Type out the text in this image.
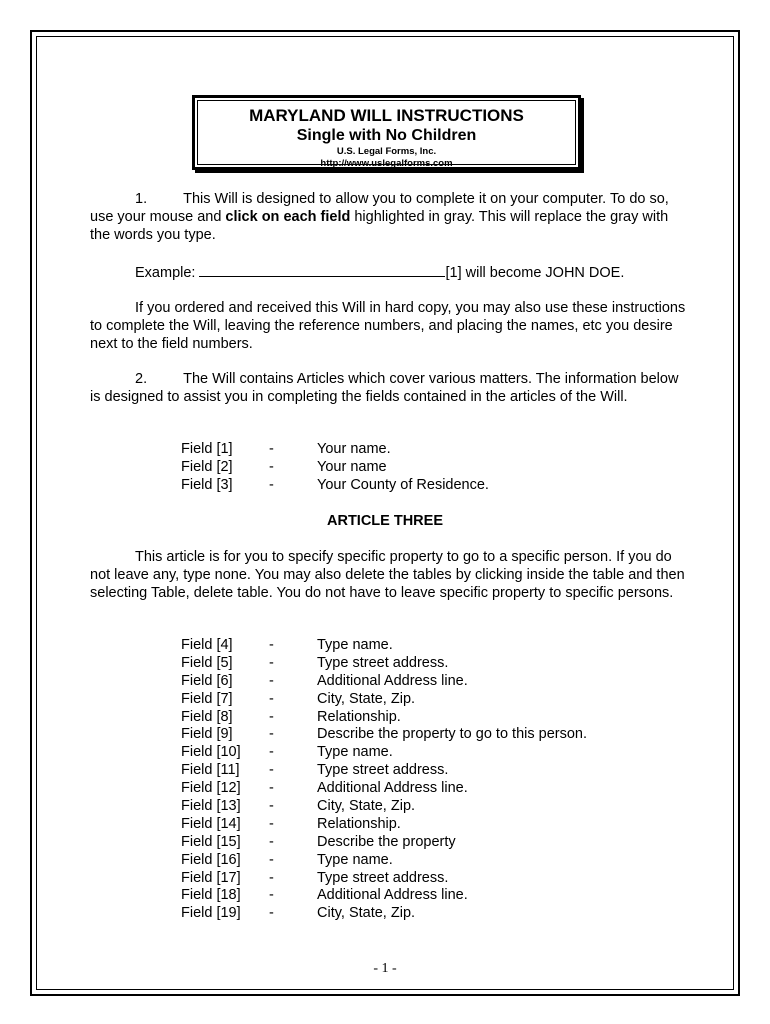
MARYLAND WILL INSTRUCTIONS
Single with No Children
U.S. Legal Forms, Inc.
http://www.uslegalforms.com
1. This Will is designed to allow you to complete it on your computer. To do so, use your mouse and click on each field highlighted in gray. This will replace the gray with the words you type.
Example:	[1] will become JOHN DOE.
If you ordered and received this Will in hard copy, you may also use these instructions to complete the Will, leaving the reference numbers, and placing the names, etc you desire next to the field numbers.
2. The Will contains Articles which cover various matters. The information below is designed to assist you in completing the fields contained in the articles of the Will.
Field [1]	-	Your name.
Field [2]	-	Your name
Field [3]	-	Your County of Residence.
ARTICLE THREE
This article is for you to specify specific property to go to a specific person. If you do not leave any, type none. You may also delete the tables by clicking inside the table and then selecting Table, delete table. You do not have to leave specific property to specific persons.
Field [4]	-	Type name.
Field [5]	-	Type street address.
Field [6]	-	Additional Address line.
Field [7]	-	City, State, Zip.
Field [8]	-	Relationship.
Field [9]	-	Describe the property to go to this person.
Field [10]	-	Type name.
Field [11]	-	Type street address.
Field [12]	-	Additional Address line.
Field [13]	-	City, State, Zip.
Field [14]	-	Relationship.
Field [15]	-	Describe the property
Field [16]	-	Type name.
Field [17]	-	Type street address.
Field [18]	-	Additional Address line.
Field [19]	-	City, State, Zip.
- 1 -
